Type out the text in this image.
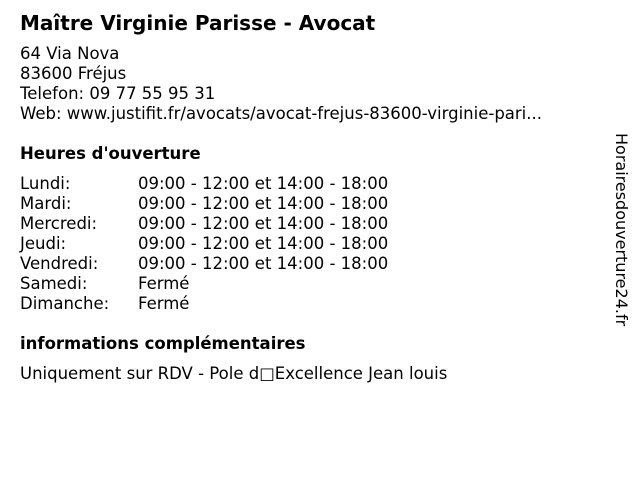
Maître Virginie Parisse - Avocat
64 Via Nova
83600 Fréjus
Telefon: 09 77 55 95 31
Web: www.justifit.fr/avocats/avocat-frejus-83600-virginie-pari...
Heures d'ouverture
Lundi:	09:00 - 12:00 et 14:00 - 18:00
Mardi:	09:00 - 12:00 et 14:00 - 18:00
Mercredi: 09:00 - 12:00 et 14:00 - 18:00
Jeudi:	09:00 - 12:00 et 14:00 - 18:00
Vendredi: 09:00 - 12:00 et 14:00 - 18:00
Samedi:	Fermé
Dimanche: Fermé
informations complémentaires
Uniquement sur RDV - Pole d□Excellence Jean louis
Horairesdouverture24.fr
